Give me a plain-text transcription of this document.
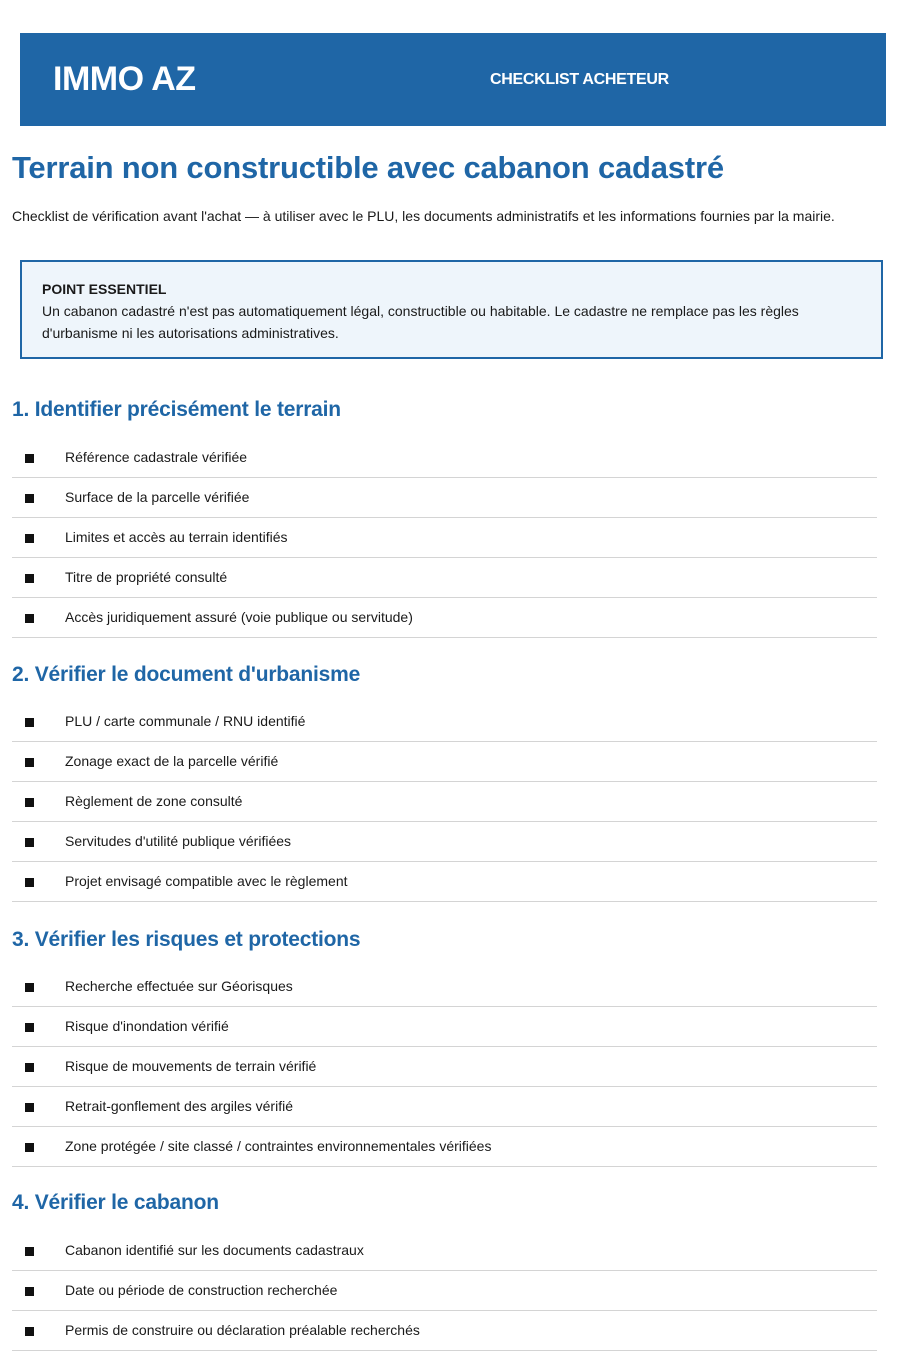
IMMO AZ	CHECKLIST ACHETEUR
Terrain non constructible avec cabanon cadastré
Checklist de vérification avant l'achat — à utiliser avec le PLU, les documents administratifs et les informations fournies par la mairie.
POINT ESSENTIEL
Un cabanon cadastré n'est pas automatiquement légal, constructible ou habitable. Le cadastre ne remplace pas les règles d'urbanisme ni les autorisations administratives.
1. Identifier précisément le terrain
Référence cadastrale vérifiée
Surface de la parcelle vérifiée
Limites et accès au terrain identifiés
Titre de propriété consulté
Accès juridiquement assuré (voie publique ou servitude)
2. Vérifier le document d'urbanisme
PLU / carte communale / RNU identifié
Zonage exact de la parcelle vérifié
Règlement de zone consulté
Servitudes d'utilité publique vérifiées
Projet envisagé compatible avec le règlement
3. Vérifier les risques et protections
Recherche effectuée sur Géorisques
Risque d'inondation vérifié
Risque de mouvements de terrain vérifié
Retrait-gonflement des argiles vérifié
Zone protégée / site classé / contraintes environnementales vérifiées
4. Vérifier le cabanon
Cabanon identifié sur les documents cadastraux
Date ou période de construction recherchée
Permis de construire ou déclaration préalable recherchés
